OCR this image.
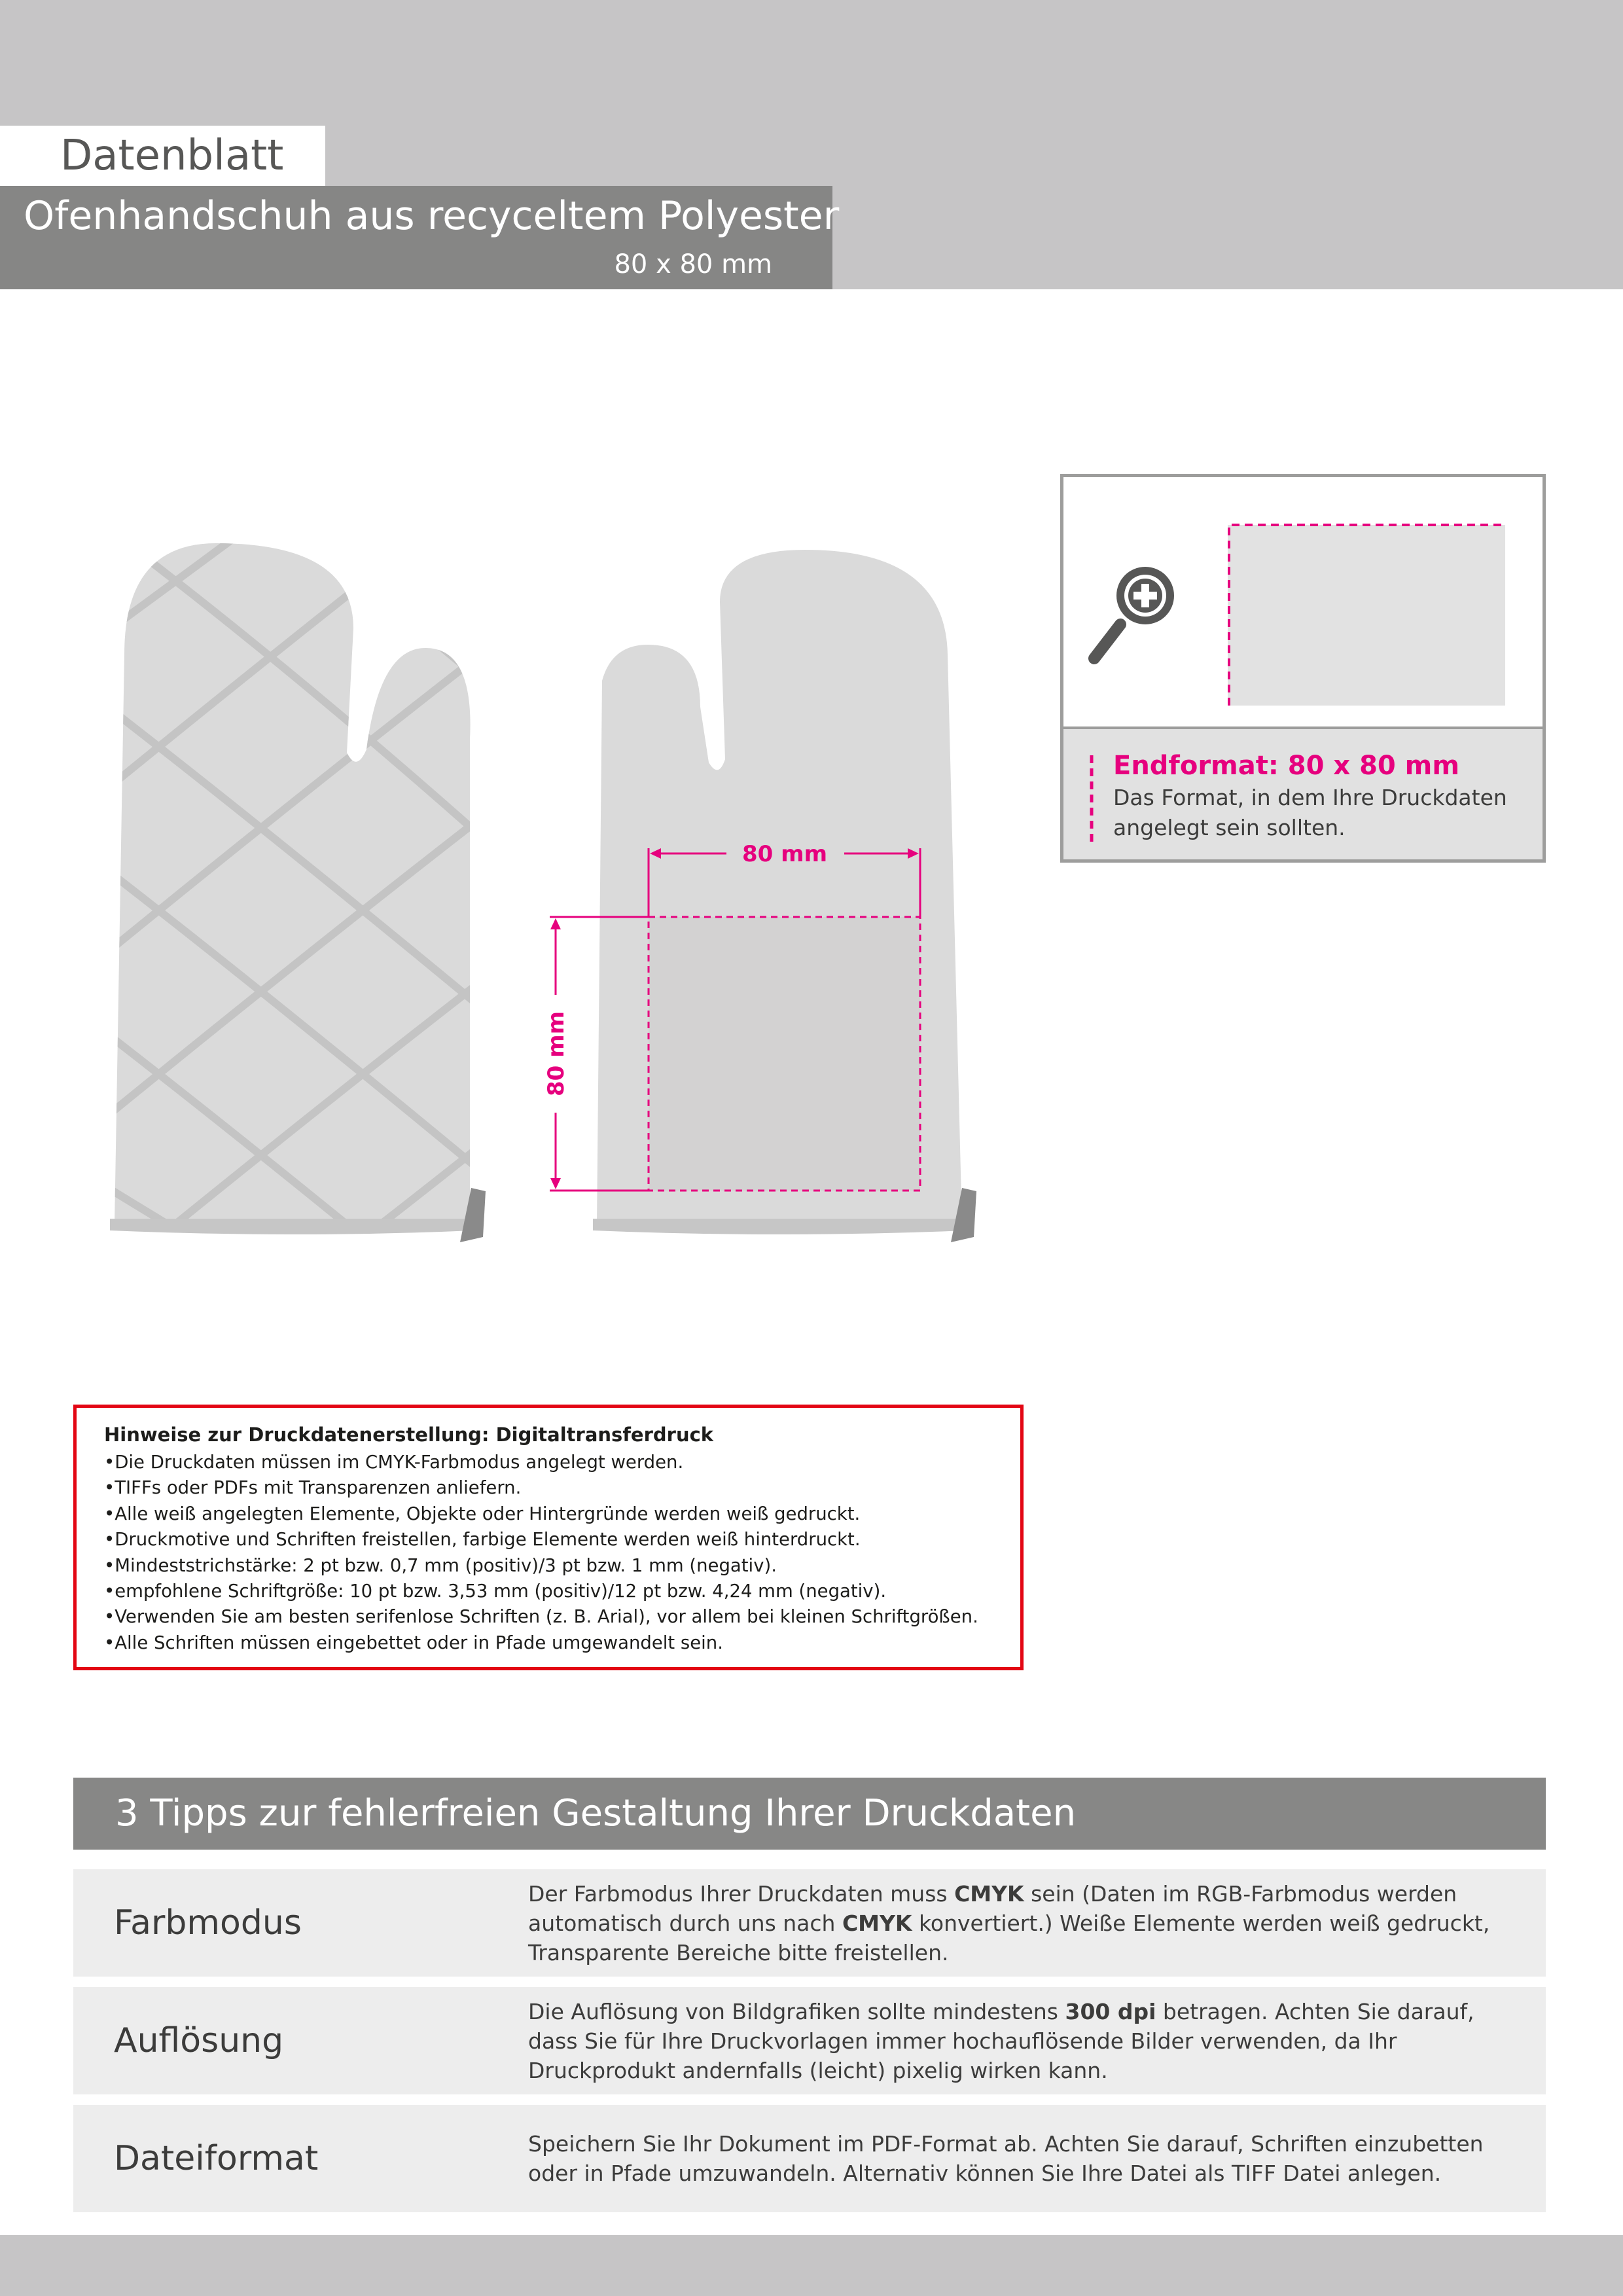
Datenblatt
Ofenhandschuh aus recyceltem Polyester
80 x 80 mm
80 mm
80 mm
Endformat: 80 x 80 mm
Das Format, in dem Ihre Druckdaten angelegt sein sollten.
Hinweise zur Druckdatenerstellung: Digitaltransferdruck
• Die Druckdaten müssen im CMYK-Farbmodus angelegt werden.
• TIFFs oder PDFs mit Transparenzen anliefern.
• Alle weiß angelegten Elemente, Objekte oder Hintergründe werden weiß gedruckt.
• Druckmotive und Schriften freistellen, farbige Elemente werden weiß hinterdruckt.
• Mindeststrichstärke: 2 pt bzw. 0,7 mm (positiv)/3 pt bzw. 1 mm (negativ).
• empfohlene Schriftgröße: 10 pt bzw. 3,53 mm (positiv)/12 pt bzw. 4,24 mm (negativ).
• Verwenden Sie am besten serifenlose Schriften (z. B. Arial), vor allem bei kleinen Schriftgrößen.
• Alle Schriften müssen eingebettet oder in Pfade umgewandelt sein.
3 Tipps zur fehlerfreien Gestaltung Ihrer Druckdaten
Farbmodus
Der Farbmodus Ihrer Druckdaten muss CMYK sein (Daten im RGB-Farbmodus werden automatisch durch uns nach CMYK konvertiert.) Weiße Elemente werden weiß gedruckt, Transparente Bereiche bitte freistellen.
Auflösung
Die Auflösung von Bildgrafiken sollte mindestens 300 dpi betragen. Achten Sie darauf, dass Sie für Ihre Druckvorlagen immer hochauflösende Bilder verwenden, da Ihr Druckprodukt andernfalls (leicht) pixelig wirken kann.
Dateiformat	Speichern Sie Ihr Dokument im PDF-Format ab. Achten Sie darauf, Schriften einzubetten oder in Pfade umzuwandeln. Alternativ können Sie Ihre Datei als TIFF Datei anlegen.
